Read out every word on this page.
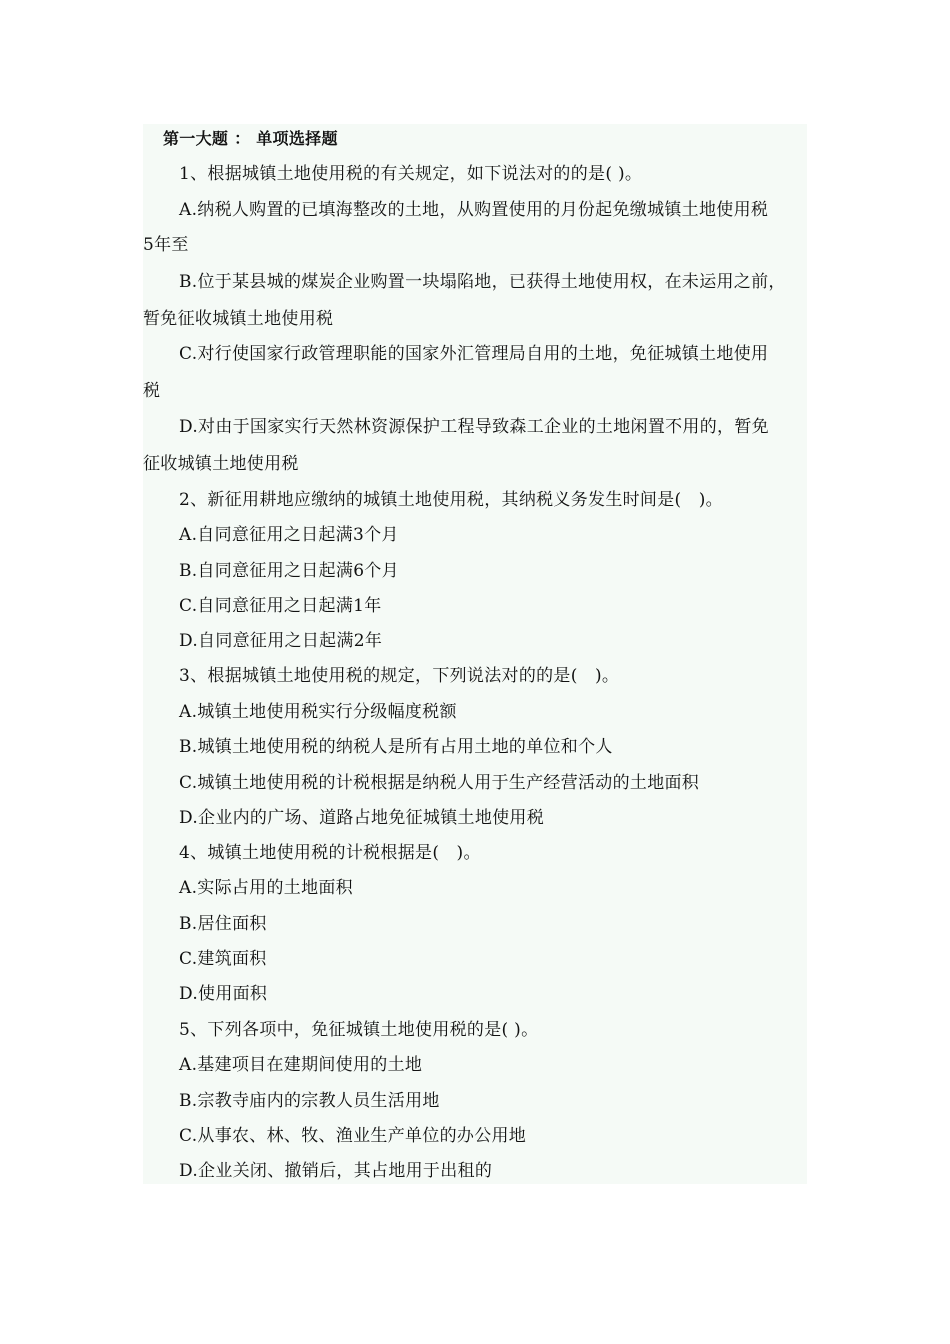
第一大题 ： 单项选择题
1、根据城镇土地使用税的有关规定，如下说法对的的是( )。
A.纳税人购置的已填海整改的土地，从购置使用的月份起免缴城镇土地使用税
5年至
B.位于某县城的煤炭企业购置一块塌陷地，已获得土地使用权，在未运用之前，
暂免征收城镇土地使用税
C.对行使国家行政管理职能的国家外汇管理局自用的土地，免征城镇土地使用
税
D.对由于国家实行天然林资源保护工程导致森工企业的土地闲置不用的，暂免
征收城镇土地使用税
2、新征用耕地应缴纳的城镇土地使用税，其纳税义务发生时间是(　)。
A.自同意征用之日起满3个月
B.自同意征用之日起满6个月
C.自同意征用之日起满1年
D.自同意征用之日起满2年
3、根据城镇土地使用税的规定，下列说法对的的是(　)。
A.城镇土地使用税实行分级幅度税额
B.城镇土地使用税的纳税人是所有占用土地的单位和个人
C.城镇土地使用税的计税根据是纳税人用于生产经营活动的土地面积
D.企业内的广场、道路占地免征城镇土地使用税
4、城镇土地使用税的计税根据是(　)。
A.实际占用的土地面积
B.居住面积
C.建筑面积
D.使用面积
5、下列各项中，免征城镇土地使用税的是( )。
A.基建项目在建期间使用的土地
B.宗教寺庙内的宗教人员生活用地
C.从事农、林、牧、渔业生产单位的办公用地
D.企业关闭、撤销后，其占地用于出租的
